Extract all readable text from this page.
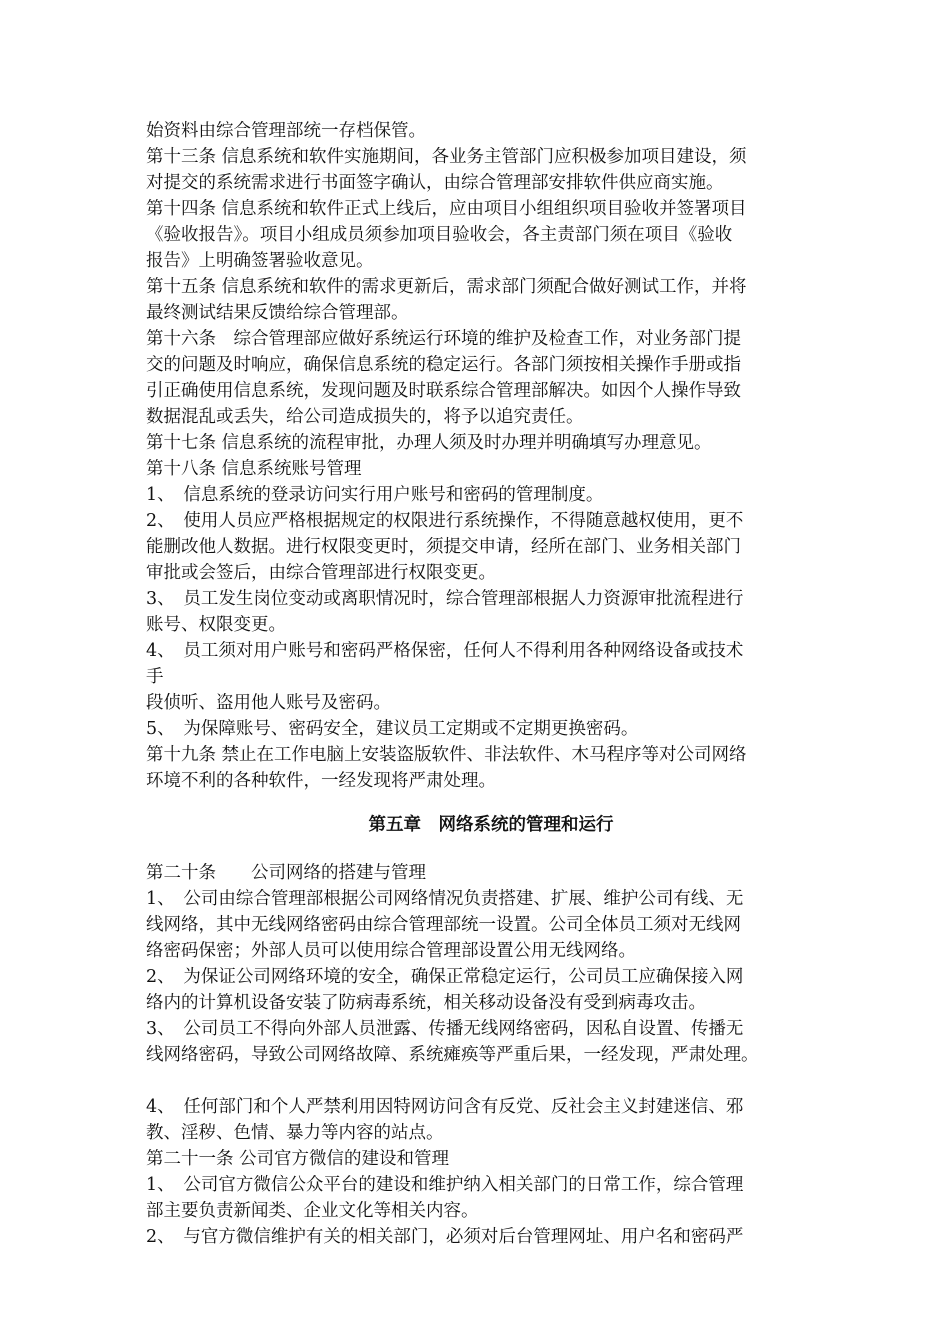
始资料由综合管理部统一存档保管。
第十三条 信息系统和软件实施期间，各业务主管部门应积极参加项目建设，须
对提交的系统需求进行书面签字确认，由综合管理部安排软件供应商实施。
第十四条 信息系统和软件正式上线后，应由项目小组组织项目验收并签署项目
《验收报告》。项目小组成员须参加项目验收会，各主责部门须在项目《验收
报告》上明确签署验收意见。
第十五条 信息系统和软件的需求更新后，需求部门须配合做好测试工作，并将
最终测试结果反馈给综合管理部。
第十六条　综合管理部应做好系统运行环境的维护及检查工作，对业务部门提
交的问题及时响应，确保信息系统的稳定运行。各部门须按相关操作手册或指
引正确使用信息系统，发现问题及时联系综合管理部解决。如因个人操作导致
数据混乱或丢失，给公司造成损失的，将予以追究责任。
第十七条 信息系统的流程审批，办理人须及时办理并明确填写办理意见。
第十八条 信息系统账号管理
1、　信息系统的登录访问实行用户账号和密码的管理制度。
2、　使用人员应严格根据规定的权限进行系统操作，不得随意越权使用，更不
能删改他人数据。进行权限变更时，须提交申请，经所在部门、业务相关部门
审批或会签后，由综合管理部进行权限变更。
3、　员工发生岗位变动或离职情况时，综合管理部根据人力资源审批流程进行
账号、权限变更。
4、　员工须对用户账号和密码严格保密，任何人不得利用各种网络设备或技术
手
段侦听、盗用他人账号及密码。
5、　为保障账号、密码安全，建议员工定期或不定期更换密码。
第十九条 禁止在工作电脑上安装盗版软件、非法软件、木马程序等对公司网络
环境不利的各种软件，一经发现将严肃处理。
第五章　网络系统的管理和运行
第二十条　　公司网络的搭建与管理
1、　公司由综合管理部根据公司网络情况负责搭建、扩展、维护公司有线、无
线网络，其中无线网络密码由综合管理部统一设置。公司全体员工须对无线网
络密码保密；外部人员可以使用综合管理部设置公用无线网络。
2、　为保证公司网络环境的安全，确保正常稳定运行，公司员工应确保接入网
络内的计算机设备安装了防病毒系统，相关移动设备没有受到病毒攻击。
3、　公司员工不得向外部人员泄露、传播无线网络密码，因私自设置、传播无
线网络密码，导致公司网络故障、系统瘫痪等严重后果，一经发现，严肃处理。
4、　任何部门和个人严禁利用因特网访问含有反党、反社会主义封建迷信、邪
教、淫秽、色情、暴力等内容的站点。
第二十一条 公司官方微信的建设和管理
1、　公司官方微信公众平台的建设和维护纳入相关部门的日常工作，综合管理
部主要负责新闻类、企业文化等相关内容。
2、　与官方微信维护有关的相关部门，必须对后台管理网址、用户名和密码严
